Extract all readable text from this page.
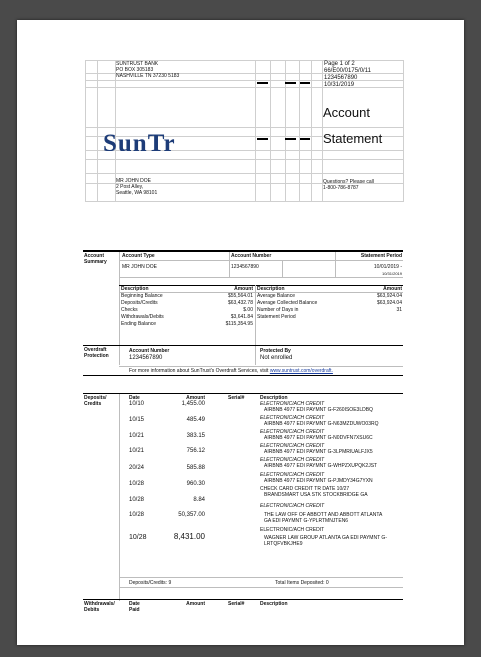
SUNTRUST BANK
PO BOX 305183
NASHVILLE TN 37230 5183
Page 1 of 2
66/E00/0175/0/11
1234567890
10/31/2019
Account
Statement
SunTr
MR JOHN DOE
2 Post Alley,
Seattle, WA 98101
Questions? Please call
1-800-786-8787
Account
Summary
Account Type	Account Number	Statement Period
MR JOHN DOE	1234567890	10/01/2019 -
10/31/2019
Description	Amount Description	Amount
Beginning Balance	$55,564.01
Deposits/Credits	$63,432.78
Checks	$.00
Withdrawals/Debits	$3,641.84
Ending Balance	$115,354.95
Average Balance	$63,924.04
Average Collected Balance	$63,924.04
Number of Days in	31
Statement Period
Overdraft
Protection
Account Number	Protected By
1234567890	Not enrolled
For more information about SunTrust's Overdraft Services, visit www.suntrust.com/overdraft.
Deposits/
Credits
Date	Amount	Serial#	Description
10/10	1,455.00	ELECTRONIC/ACH CREDIT
AIRBNB 4977 EDI PAYMNT G-F260ISOE3LDBQ
10/15	485.49	ELECTRONIC/ACH CREDIT
AIRBNB 4977 EDI PAYMNT G-N63MZDUWO03RQ
10/21	383.15
ELECTRONIC/ACH CREDIT
AIRBNB 4977 EDI PAYMNT G-N0DVFN7XSU6C
10/21	756.12
ELECTRONIC/ACH CREDIT
AIRBNB 4977 EDI PAYMNT G-3LPMRIUALFJX5
20/24	585.88
ELECTRONIC/ACH CREDIT
AIRBNB 4977 EDI PAYMNT G-WHPZXUPQK2JST
10/28	960.30
ELECTRONIC/ACH CREDIT
AIRBNB 4977 EDI PAYMNT G-PJMDY34G7YXN
10/28	8.84
CHECK CARD CREDIT TR DATE 10/27
BRANDSMART USA STK STOCKBRIDGE GA
10/28	50,357.00
ELECTRONIC/ACH CREDIT
THE LAW OFF OF ABBOTT AND ABBOTT ATLANTA
GA EDI PAYMNT G-YPLRTMNJTEN6
10/28	8,431.00
ELECTRONIC/ACH CREDIT
WAGNER LAW GROUP ATLANTA GA EDI PAYMNT G-
LRTQFVBKJHE9
Deposits/Credits: 9	Total Items Deposited: 0
Withdrawals/
Debits
Date
Paid
Amount	Serial#	Description
